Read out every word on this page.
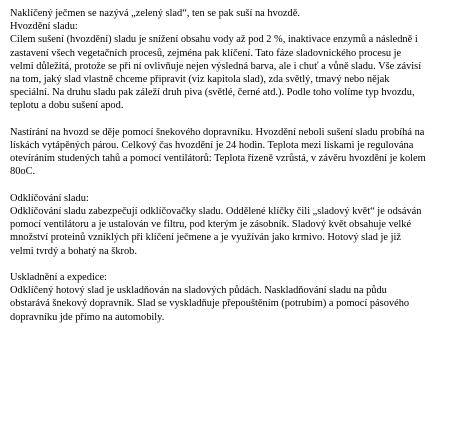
Naklíčený ječmen se nazývá „zelený slad“, ten se pak suší na hvozdě.

Hvozdění sladu:

Cílem sušení (hvozdění) sladu je snížení obsahu vody až pod 2 %, inaktivace enzymů a následně i

zastavení všech vegetačních procesů, zejména pak klíčení. Tato fáze sladovnického procesu je

velmi důležitá, protože se při ní ovlivňuje nejen výsledná barva, ale i chuť a vůně sladu. Vše závisí

na tom, jaký slad vlastně chceme připravit (viz kapitola slad), zda světlý, tmavý nebo nějak

speciální. Na druhu sladu pak záleží druh piva (světlé, černé atd.). Podle toho volíme typ hvozdu,

teplotu a dobu sušení apod.

Nastírání na hvozd se děje pomocí šnekového dopravníku. Hvozdění neboli sušení sladu probíhá na

lískách vytápěných párou. Celkový čas hvozdění je 24 hodin. Teplota mezi lískami je regulována

otevíráním studených tahů a pomocí ventilátorů: Teplota řízeně vzrůstá, v závěru hvozdění je kolem

80oC.

Odklíčování sladu:

Odklíčování sladu zabezpečují odklíčovačky sladu. Oddělené klíčky čili „sladový květ“ je odsáván

pomocí ventilátoru a je ustalován ve filtru, pod kterým je zásobník. Sladový květ obsahuje velké

množství proteinů vzniklých při klíčení ječmene a je využíván jako krmivo. Hotový slad je již

velmi tvrdý a bohatý na škrob.

Uskladnění a expedice:

Odklíčený hotový slad je uskladňován na sladových půdách. Naskladňování sladu na půdu

obstarává šnekový dopravník. Slad se vyskladňuje přepouštěním (potrubím) a pomocí pásového

dopravníku jde přímo na automobily.
